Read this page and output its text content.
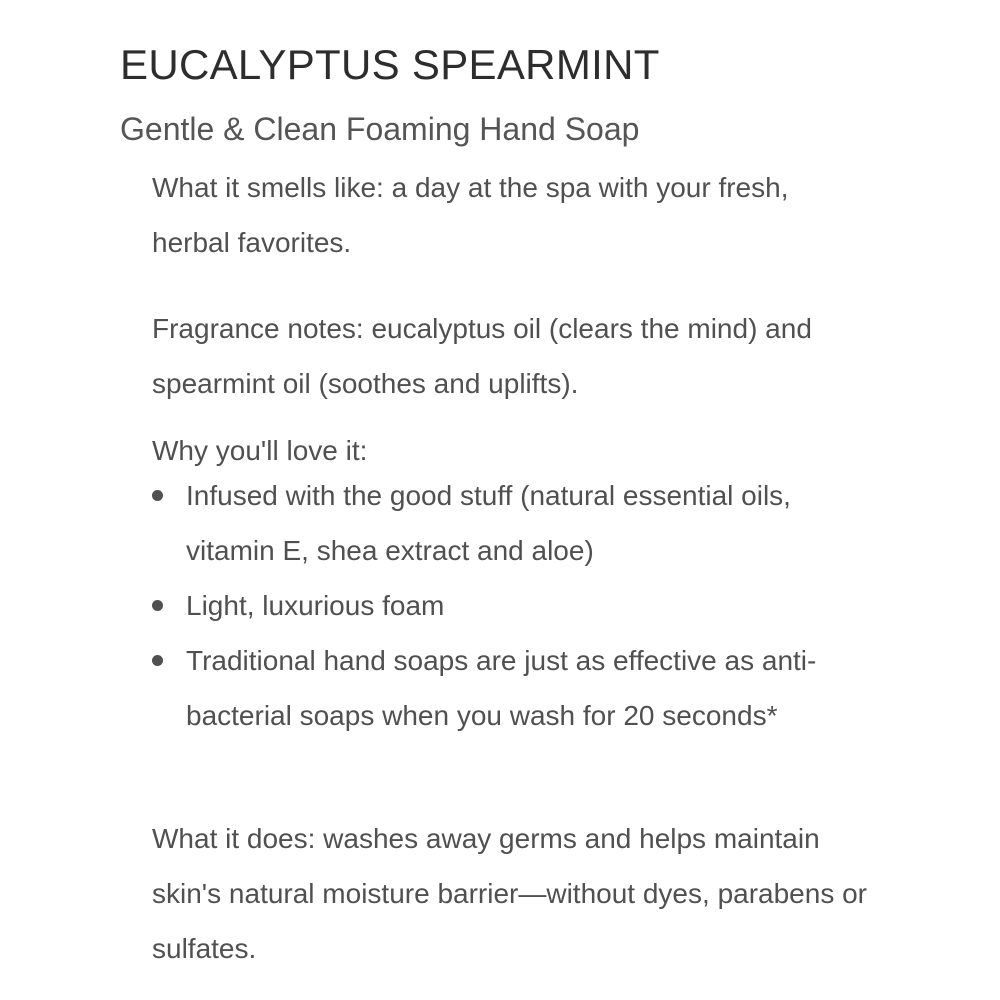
EUCALYPTUS SPEARMINT
Gentle & Clean Foaming Hand Soap

What it smells like: a day at the spa with your fresh, herbal favorites.

Fragrance notes: eucalyptus oil (clears the mind) and spearmint oil (soothes and uplifts).

Why you'll love it:

Infused with the good stuff (natural essential oils, vitamin E, shea extract and aloe)
Light, luxurious foam
Traditional hand soaps are just as effective as anti-bacterial soaps when you wash for 20 seconds*

What it does: washes away germs and helps maintain skin's natural moisture barrier—without dyes, parabens or sulfates.
